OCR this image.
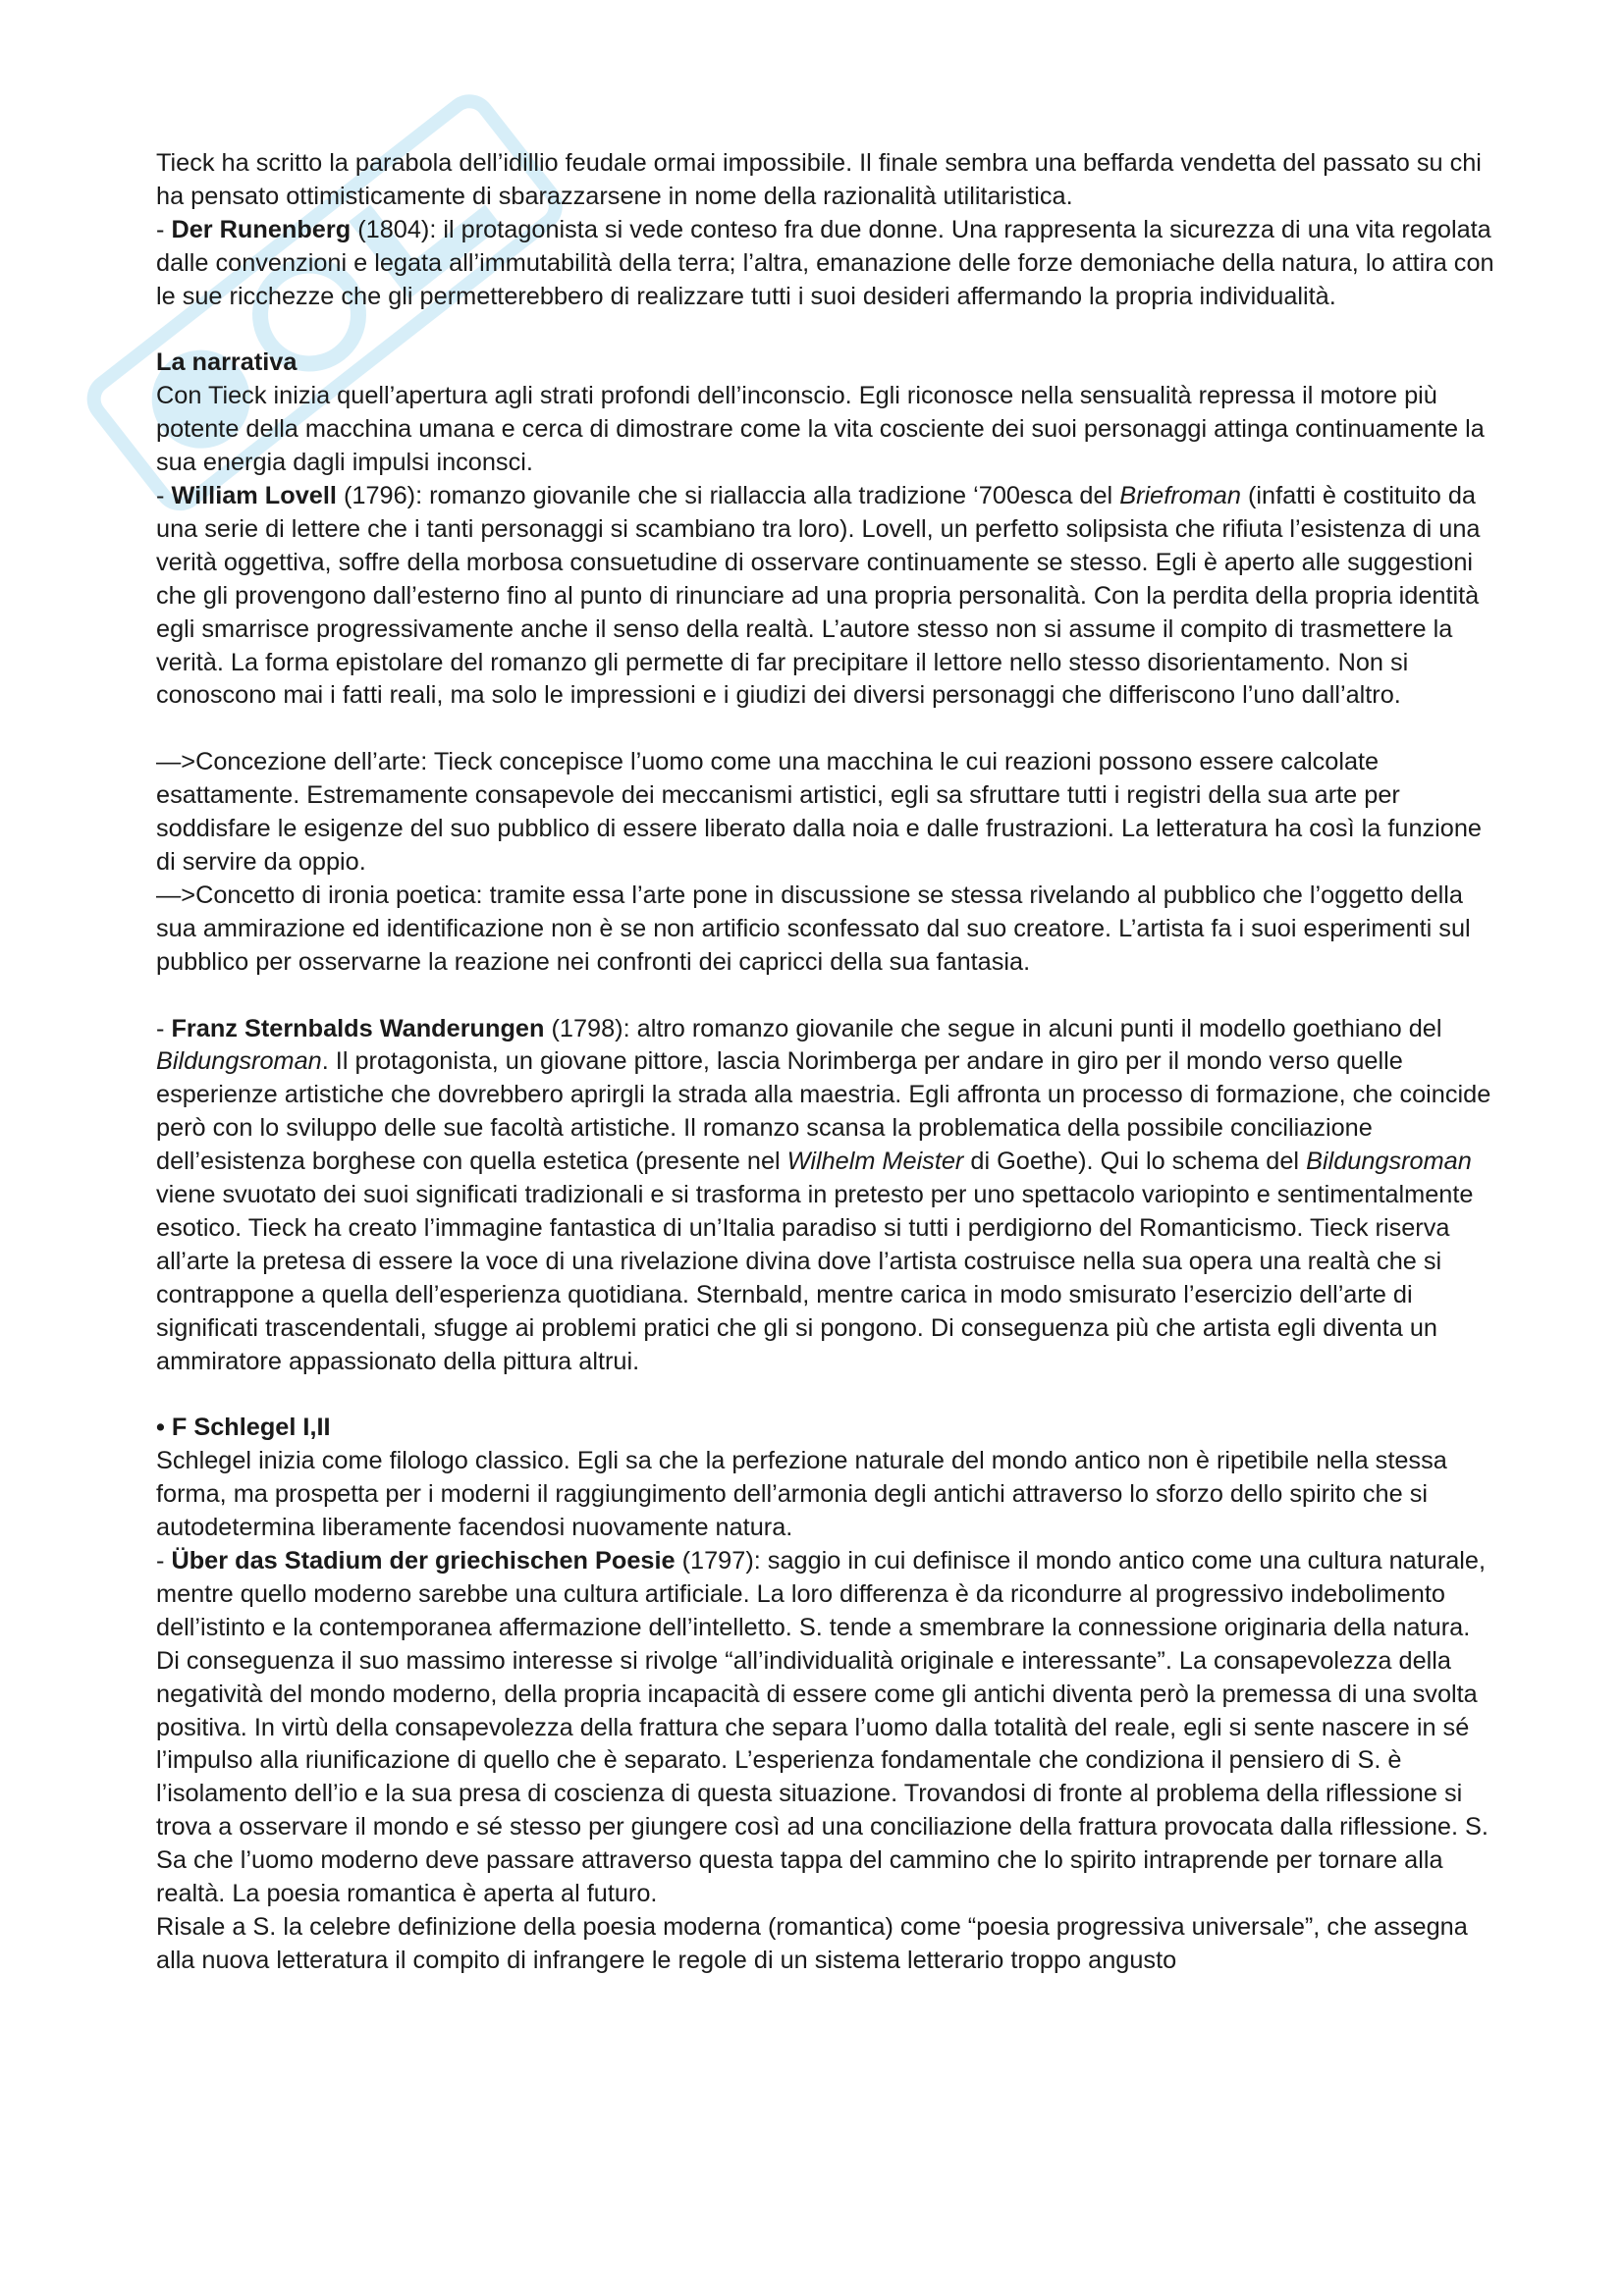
Tieck ha scritto la parabola dell’idillio feudale ormai impossibile. Il finale sembra una beffarda vendetta del passato su chi ha pensato ottimisticamente di sbarazzarsene in nome della razionalità utilitaristica.

- Der Runenberg (1804): il protagonista si vede conteso fra due donne. Una rappresenta la sicurezza di una vita regolata dalle convenzioni e legata all’immutabilità della terra; l’altra, emanazione delle forze demoniache della natura, lo attira con le sue ricchezze che gli permetterebbero di realizzare tutti i suoi desideri affermando la propria individualità.

La narrativa

Con Tieck inizia quell’apertura agli strati profondi dell’inconscio. Egli riconosce nella sensualità repressa il motore più potente della macchina umana e cerca di dimostrare come la vita cosciente dei suoi personaggi attinga continuamente la sua energia dagli impulsi inconsci.

- William Lovell (1796): romanzo giovanile che si riallaccia alla tradizione ‘700esca del Briefroman (infatti è costituito da una serie di lettere che i tanti personaggi si scambiano tra loro). Lovell, un perfetto solipsista che rifiuta l’esistenza di una verità oggettiva, soffre della morbosa consuetudine di osservare continuamente se stesso. Egli è aperto alle suggestioni che gli provengono dall’esterno fino al punto di rinunciare ad una propria personalità. Con la perdita della propria identità egli smarrisce progressivamente anche il senso della realtà. L’autore stesso non si assume il compito di trasmettere la verità. La forma epistolare del romanzo gli permette di far precipitare il lettore nello stesso disorientamento. Non si conoscono mai i fatti reali, ma solo le impressioni e i giudizi dei diversi personaggi che differiscono l’uno dall’altro.

—>Concezione dell’arte: Tieck concepisce l’uomo come una macchina le cui reazioni possono essere calcolate esattamente. Estremamente consapevole dei meccanismi artistici, egli sa sfruttare tutti i registri della sua arte per soddisfare le esigenze del suo pubblico di essere liberato dalla noia e dalle frustrazioni. La letteratura ha così la funzione di servire da oppio.

—>Concetto di ironia poetica: tramite essa l’arte pone in discussione se stessa rivelando al pubblico che l’oggetto della sua ammirazione ed identificazione non è se non artificio sconfessato dal suo creatore. L’artista fa i suoi esperimenti sul pubblico per osservarne la reazione nei confronti dei capricci della sua fantasia.

- Franz Sternbalds Wanderungen (1798): altro romanzo giovanile che segue in alcuni punti il modello goethiano del Bildungsroman. Il protagonista, un giovane pittore, lascia Norimberga per andare in giro per il mondo verso quelle esperienze artistiche che dovrebbero aprirgli la strada alla maestria. Egli affronta un processo di formazione, che coincide però con lo sviluppo delle sue facoltà artistiche. Il romanzo scansa la problematica della possibile conciliazione dell’esistenza borghese con quella estetica (presente nel Wilhelm Meister di Goethe). Qui lo schema del Bildungsroman viene svuotato dei suoi significati tradizionali e si trasforma in pretesto per uno spettacolo variopinto e sentimentalmente esotico. Tieck ha creato l’immagine fantastica di un’Italia paradiso si tutti i perdigiorno del Romanticismo. Tieck riserva all’arte la pretesa di essere la voce di una rivelazione divina dove l’artista costruisce nella sua opera una realtà che si contrappone a quella dell’esperienza quotidiana. Sternbald, mentre carica in modo smisurato l’esercizio dell’arte di significati trascendentali, sfugge ai problemi pratici che gli si pongono. Di conseguenza più che artista egli diventa un ammiratore appassionato della pittura altrui.

• F Schlegel I,II

Schlegel inizia come filologo classico. Egli sa che la perfezione naturale del mondo antico non è ripetibile nella stessa forma, ma prospetta per i moderni il raggiungimento dell’armonia degli antichi attraverso lo sforzo dello spirito che si autodetermina liberamente facendosi nuovamente natura.

- Über das Stadium der griechischen Poesie (1797): saggio in cui definisce il mondo antico come una cultura naturale, mentre quello moderno sarebbe una cultura artificiale. La loro differenza è da ricondurre al progressivo indebolimento dell’istinto e la contemporanea affermazione dell’intelletto. S. tende a smembrare la connessione originaria della natura. Di conseguenza il suo massimo interesse si rivolge “all’individualità originale e interessante”. La consapevolezza della negatività del mondo moderno, della propria incapacità di essere come gli antichi diventa però la premessa di una svolta positiva. In virtù della consapevolezza della frattura che separa l’uomo dalla totalità del reale, egli si sente nascere in sé l’impulso alla riunificazione di quello che è separato. L’esperienza fondamentale che condiziona il pensiero di S. è l’isolamento dell’io e la sua presa di coscienza di questa situazione. Trovandosi di fronte al problema della riflessione si trova a osservare il mondo e sé stesso per giungere così ad una conciliazione della frattura provocata dalla riflessione. S. Sa che l’uomo moderno deve passare attraverso questa tappa del cammino che lo spirito intraprende per tornare alla realtà. La poesia romantica è aperta al futuro.

Risale a S. la celebre definizione della poesia moderna (romantica) come “poesia progressiva universale”, che assegna alla nuova letteratura il compito di infrangere le regole di un sistema letterario troppo angusto
